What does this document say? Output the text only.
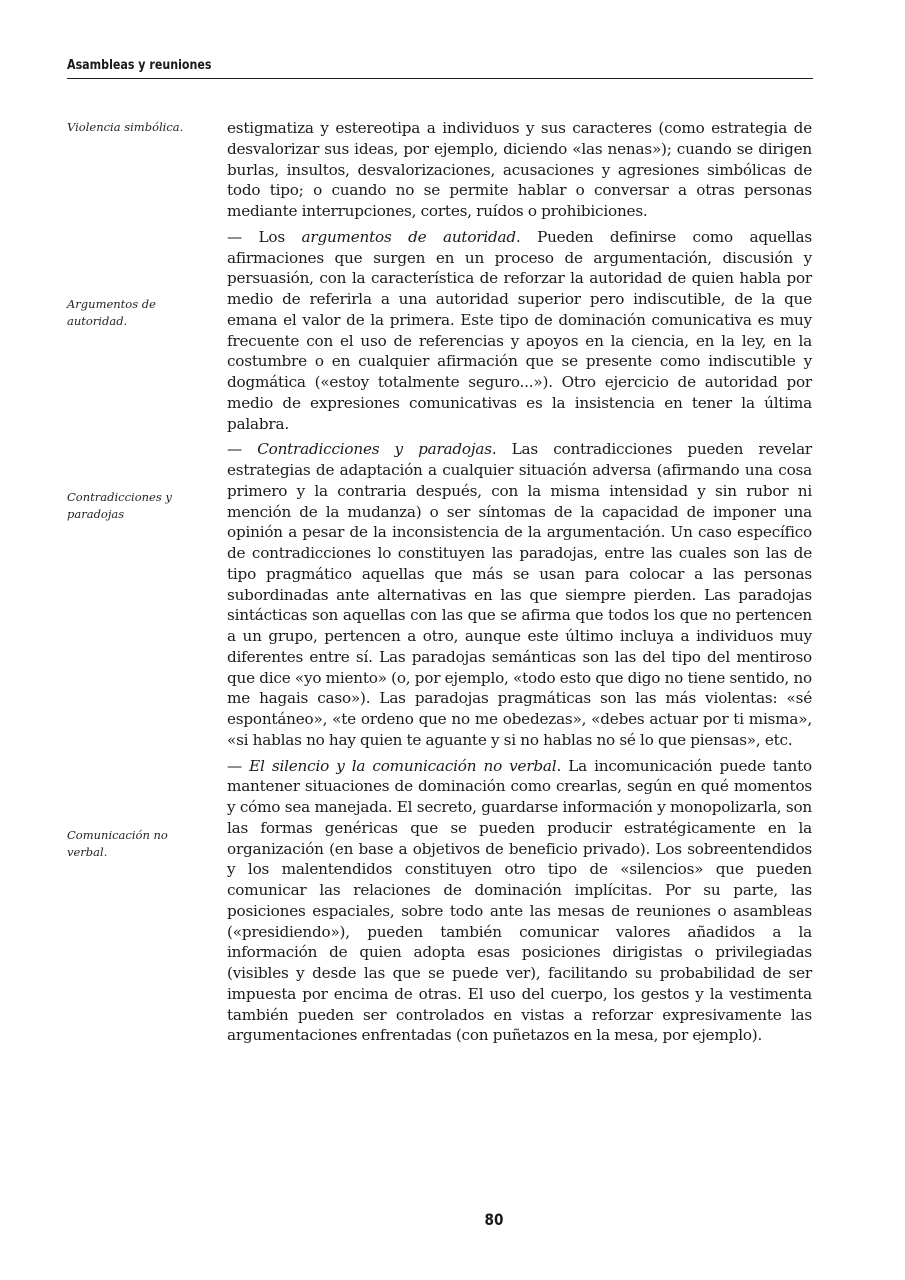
Asambleas y reuniones
Violencia simbólica.
Argumentos de autoridad.
Contradicciones y paradojas
Comunicación no verbal.

estigmatiza y estereotipa a individuos y sus caracteres (como estrategia de desvalorizar sus ideas, por ejemplo, diciendo «las nenas»); cuando se dirigen burlas, insultos, desvalorizaciones, acusaciones y agresiones simbólicas de todo tipo; o cuando no se permite hablar o conversar a otras personas mediante interrupciones, cortes, ruídos o prohibiciones.

— Los argumentos de autoridad. Pueden definirse como aquellas afirmaciones que surgen en un proceso de argumentación, discusión y persuasión, con la característica de reforzar la autoridad de quien habla por medio de referirla a una autoridad superior pero indiscutible, de la que emana el valor de la primera. Este tipo de dominación comunicativa es muy frecuente con el uso de referencias y apoyos en la ciencia, en la ley, en la costumbre o en cualquier afirmación que se presente como indiscutible y dogmática («estoy totalmente seguro...»). Otro ejercicio de autoridad por medio de expresiones comunicativas es la insistencia en tener la última palabra.

— Contradicciones y paradojas. Las contradicciones pueden revelar estrategias de adaptación a cualquier situación adversa (afirmando una cosa primero y la contraria después, con la misma intensidad y sin rubor ni mención de la mudanza) o ser síntomas de la capacidad de imponer una opinión a pesar de la inconsistencia de la argumentación. Un caso específico de contradicciones lo constituyen las paradojas, entre las cuales son las de tipo pragmático aquellas que más se usan para colocar a las personas subordinadas ante alternativas en las que siempre pierden. Las paradojas sintácticas son aquellas con las que se afirma que todos los que no pertencen a un grupo, pertencen a otro, aunque este último incluya a individuos muy diferentes entre sí. Las paradojas semánticas son las del tipo del mentiroso que dice «yo miento» (o, por ejemplo, «todo esto que digo no tiene sentido, no me hagais caso»). Las paradojas pragmáticas son las más violentas: «sé espontáneo», «te ordeno que no me obedezas», «debes actuar por ti misma», «si hablas no hay quien te aguante y si no hablas no sé lo que piensas», etc.

— El silencio y la comunicación no verbal. La incomunicación puede tanto mantener situaciones de dominación como crearlas, según en qué momentos y cómo sea manejada. El secreto, guardarse información y monopolizarla, son las formas genéricas que se pueden producir estratégicamente en la organización (en base a objetivos de beneficio privado). Los sobreentendidos y los malentendidos constituyen otro tipo de «silencios» que pueden comunicar las relaciones de dominación implícitas. Por su parte, las posiciones espaciales, sobre todo ante las mesas de reuniones o asambleas («presidiendo»), pueden también comunicar valores añadidos a la información de quien adopta esas posiciones dirigistas o privilegiadas (visibles y desde las que se puede ver), facilitando su probabilidad de ser impuesta por encima de otras. El uso del cuerpo, los gestos y la vestimenta también pueden ser controlados en vistas a reforzar expresivamente las argumentaciones enfrentadas (con puñetazos en la mesa, por ejemplo).

80
